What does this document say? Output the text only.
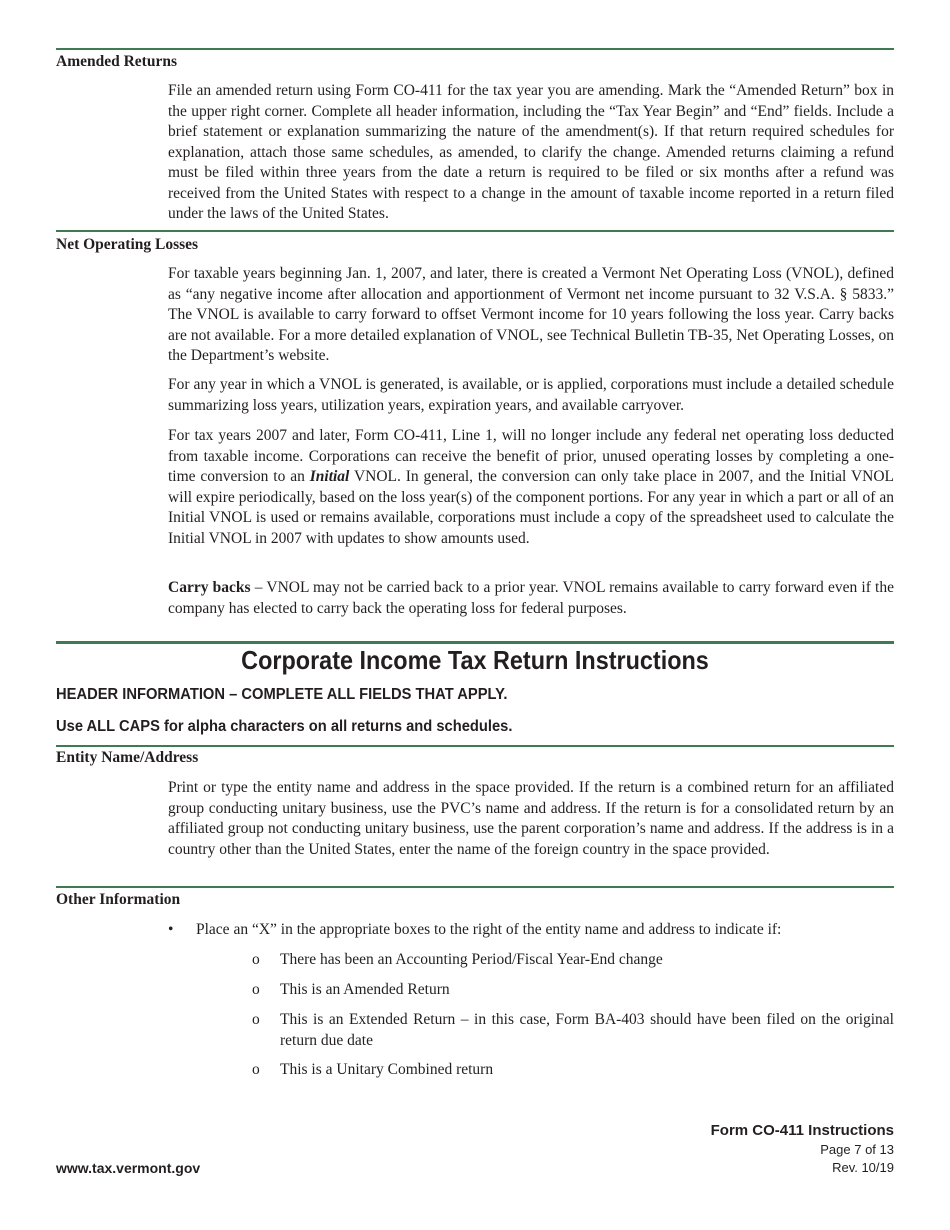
Amended Returns

File an amended return using Form CO-411 for the tax year you are amending. Mark the “Amended Return” box in the upper right corner. Complete all header information, including the “Tax Year Begin” and “End” fields. Include a brief statement or explanation summarizing the nature of the amendment(s). If that return required schedules for explanation, attach those same schedules, as amended, to clarify the change. Amended returns claiming a refund must be filed within three years from the date a return is required to be filed or six months after a refund was received from the United States with respect to a change in the amount of taxable income reported in a return filed under the laws of the United States.

Net Operating Losses

For taxable years beginning Jan. 1, 2007, and later, there is created a Vermont Net Operating Loss (VNOL), defined as “any negative income after allocation and apportionment of Vermont net income pursuant to 32 V.S.A. § 5833.” The VNOL is available to carry forward to offset Vermont income for 10 years following the loss year. Carry backs are not available. For a more detailed explanation of VNOL, see Technical Bulletin TB-35, Net Operating Losses, on the Department’s website.

For any year in which a VNOL is generated, is available, or is applied, corporations must include a detailed schedule summarizing loss years, utilization years, expiration years, and available carryover.

For tax years 2007 and later, Form CO-411, Line 1, will no longer include any federal net operating loss deducted from taxable income. Corporations can receive the benefit of prior, unused operating losses by completing a one-time conversion to an Initial VNOL. In general, the conversion can only take place in 2007, and the Initial VNOL will expire periodically, based on the loss year(s) of the component portions. For any year in which a part or all of an Initial VNOL is used or remains available, corporations must include a copy of the spreadsheet used to calculate the Initial VNOL in 2007 with updates to show amounts used.

Carry backs – VNOL may not be carried back to a prior year. VNOL remains available to carry forward even if the company has elected to carry back the operating loss for federal purposes.

Corporate Income Tax Return Instructions
HEADER INFORMATION – COMPLETE ALL FIELDS THAT APPLY.
Use ALL CAPS for alpha characters on all returns and schedules.
Entity Name/Address

Print or type the entity name and address in the space provided. If the return is a combined return for an affiliated group conducting unitary business, use the PVC’s name and address. If the return is for a consolidated return by an affiliated group not conducting unitary business, use the parent corporation’s name and address. If the address is in a country other than the United States, enter the name of the foreign country in the space provided.

Other Information
• Place an “X” in the appropriate boxes to the right of the entity name and address to indicate if:
o There has been an Accounting Period/Fiscal Year-End change
o This is an Amended Return
o This is an Extended Return – in this case, Form BA-403 should have been filed on the original return due date
o This is a Unitary Combined return
Form CO-411 Instructions
Page 7 of 13
Rev. 10/19
www.tax.vermont.gov
